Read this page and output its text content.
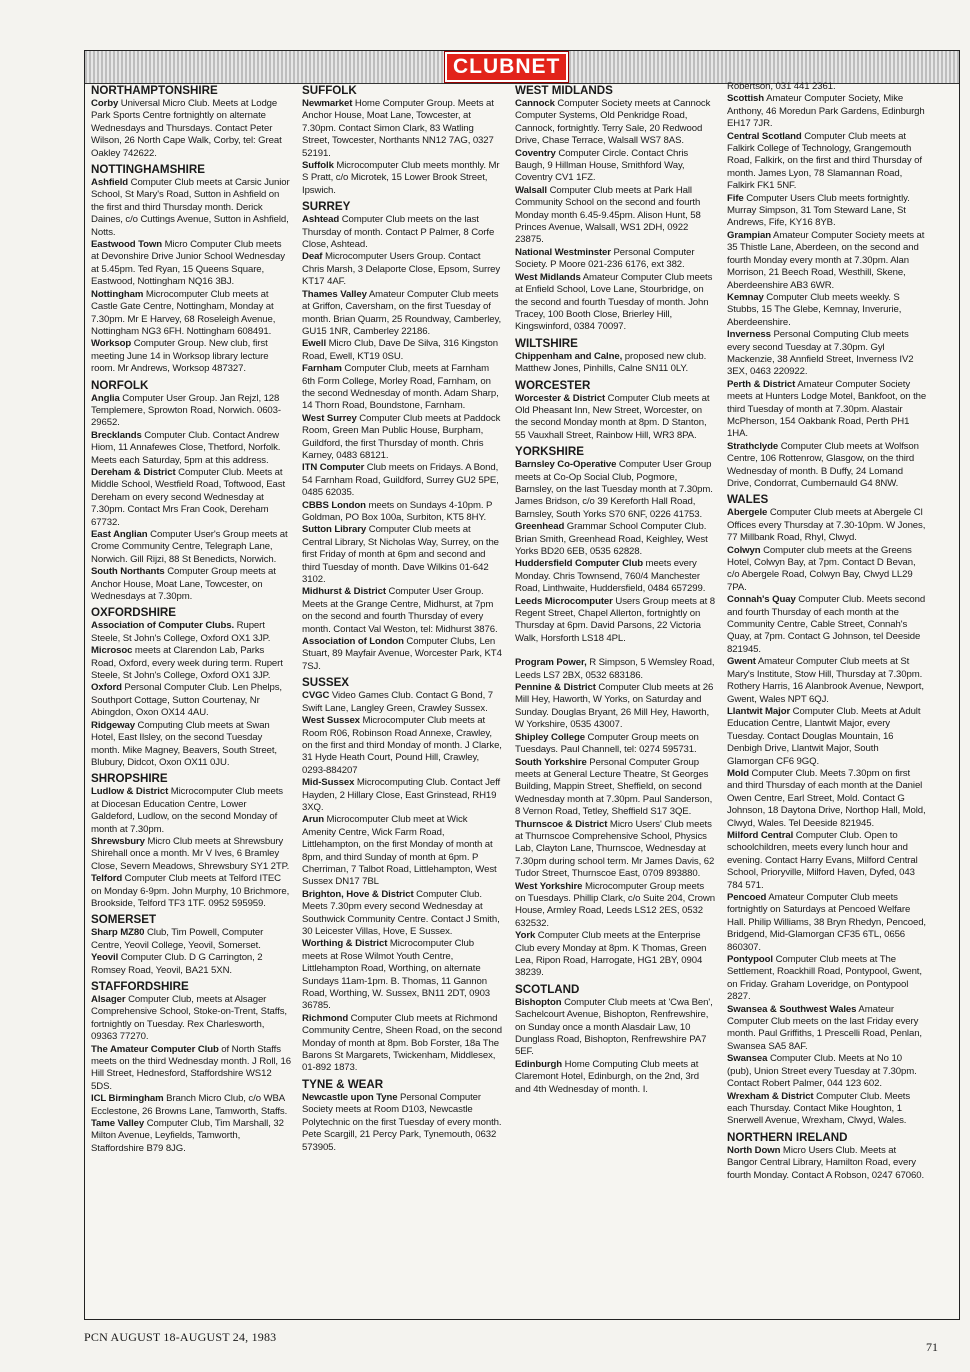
CLUBNET
NORTHAMPTONSHIRE

Corby Universal Micro Club. Meets at Lodge Park Sports Centre fortnightly on alternate Wednesdays and Thursdays. Contact Peter Wilson, 26 North Cape Walk, Corby, tel: Great Oakley 742622.

NOTTINGHAMSHIRE

Ashfield Computer Club meets at Carsic Junior School, St Mary's Road, Sutton in Ashfield on the first and third Thursday month. Derick Daines, c/o Cuttings Avenue, Sutton in Ashfield, Notts.

Eastwood Town Micro Computer Club meets at Devonshire Drive Junior School Wednesday at 5.45pm. Ted Ryan, 15 Queens Square, Eastwood, Nottingham NQ16 3BJ.

Nottingham Microcomputer Club meets at Castle Gate Centre, Nottingham, Monday at 7.30pm. Mr E Harvey, 68 Roseleigh Avenue, Nottingham NG3 6FH. Nottingham 608491.

Worksop Computer Group. New club, first meeting June 14 in Worksop library lecture room. Mr Andrews, Worksop 487327.

NORFOLK

Anglia Computer User Group. Jan Rejzl, 128 Templemere, Sprowton Road, Norwich. 0603-29652.

Brecklands Computer Club. Contact Andrew Hiom, 11 Annafewes Close, Thetford, Norfolk. Meets each Saturday, 5pm at this address.

Dereham & District Computer Club. Meets at Middle School, Westfield Road, Toftwood, East Dereham on every second Wednesday at 7.30pm. Contact Mrs Fran Cook, Dereham 67732.

East Anglian Computer User's Group meets at Crome Community Centre, Telegraph Lane, Norwich. Gill Rijzi, 88 St Benedicts, Norwich.

South Northants Computer Group meets at Anchor House, Moat Lane, Towcester, on Wednesdays at 7.30pm.

OXFORDSHIRE

Association of Computer Clubs. Rupert Steele, St John's College, Oxford OX1 3JP.

Microsoc meets at Clarendon Lab, Parks Road, Oxford, every week during term. Rupert Steele, St John's College, Oxford OX1 3JP.

Oxford Personal Computer Club. Len Phelps, Southport Cottage, Sutton Courtenay, Nr Abingdon, Oxon OX14 4AU.

Ridgeway Computing Club meets at Swan Hotel, East Ilsley, on the second Tuesday month. Mike Magney, Beavers, South Street, Blubury, Didcot, Oxon OX11 0JU.

SHROPSHIRE

Ludlow & District Microcomputer Club meets at Diocesan Education Centre, Lower Galdeford, Ludlow, on the second Monday of month at 7.30pm.

Shrewsbury Micro Club meets at Shrewsbury Shirehall once a month. Mr V Ives, 6 Bramley Close, Severn Meadows, Shrewsbury SY1 2TP.

Telford Computer Club meets at Telford ITEC on Monday 6-9pm. John Murphy, 10 Brichmore, Brookside, Telford TF3 1TF. 0952 595959.

SOMERSET

Sharp MZ80 Club, Tim Powell, Computer Centre, Yeovil College, Yeovil, Somerset.

Yeovil Computer Club. D G Carrington, 2 Romsey Road, Yeovil, BA21 5XN.

STAFFORDSHIRE

Alsager Computer Club, meets at Alsager Comprehensive School, Stoke-on-Trent, Staffs, fortnightly on Tuesday. Rex Charlesworth, 09363 77270.

The Amateur Computer Club of North Staffs meets on the third Wednesday month. J Roll, 16 Hill Street, Hednesford, Staffordshire WS12 5DS.

ICL Birmingham Branch Micro Club, c/o WBA Ecclestone, 26 Browns Lane, Tamworth, Staffs.

Tame Valley Computer Club, Tim Marshall, 32 Milton Avenue, Leyfields, Tamworth, Staffordshire B79 8JG.

SUFFOLK

Newmarket Home Computer Group. Meets at Anchor House, Moat Lane, Towcester, at 7.30pm. Contact Simon Clark, 83 Watling Street, Towcester, Northants NN12 7AG, 0327 52191.

Suffolk Microcomputer Club meets monthly. Mr S Pratt, c/o Microtek, 15 Lower Brook Street, Ipswich.

SURREY

Ashtead Computer Club meets on the last Thursday of month. Contact P Palmer, 8 Corfe Close, Ashtead.

Deaf Microcomputer Users Group. Contact Chris Marsh, 3 Delaporte Close, Epsom, Surrey KT17 4AF.

Thames Valley Amateur Computer Club meets at Griffon, Caversham, on the first Tuesday of month. Brian Quarm, 25 Roundway, Camberley, GU15 1NR, Camberley 22186.

Ewell Micro Club, Dave De Silva, 316 Kingston Road, Ewell, KT19 0SU.

Farnham Computer Club, meets at Farnham 6th Form College, Morley Road, Farnham, on the second Wednesday of month. Adam Sharp, 14 Thorn Road, Boundstone, Farnham.

West Surrey Computer Club meets at Paddock Room, Green Man Public House, Burpham, Guildford, the first Thursday of month. Chris Karney, 0483 68121.

ITN Computer Club meets on Fridays. A Bond, 54 Farnham Road, Guildford, Surrey GU2 5PE, 0485 62035.

CBBS London meets on Sundays 4-10pm. P Goldman, PO Box 100a, Surbiton, KT5 8HY.

Sutton Library Computer Club meets at Central Library, St Nicholas Way, Surrey, on the first Friday of month at 6pm and second and third Tuesday of month. Dave Wilkins 01-642 3102.

Midhurst & District Computer User Group. Meets at the Grange Centre, Midhurst, at 7pm on the second and fourth Thursday of every month. Contact Val Weston, tel: Midhurst 3876.

Association of London Computer Clubs, Len Stuart, 89 Mayfair Avenue, Worcester Park, KT4 7SJ.

SUSSEX

CVGC Video Games Club. Contact G Bond, 7 Swift Lane, Langley Green, Crawley Sussex.

West Sussex Microcomputer Club meets at Room R06, Robinson Road Annexe, Crawley, on the first and third Monday of month. J Clarke, 31 Hyde Heath Court, Pound Hill, Crawley, 0293-884207

Mid-Sussex Microcomputing Club. Contact Jeff Hayden, 2 Hillary Close, East Grinstead, RH19 3XQ.

Arun Microcomputer Club meet at Wick Amenity Centre, Wick Farm Road, Littlehampton, on the first Monday of month at 8pm, and third Sunday of month at 6pm. P Cherriman, 7 Talbot Road, Littlehampton, West Sussex DN17 7BL

Brighton, Hove & District Computer Club. Meets 7.30pm every second Wednesday at Southwick Community Centre. Contact J Smith, 30 Leicester Villas, Hove, E Sussex.

Worthing & District Microcomputer Club meets at Rose Wilmot Youth Centre, Littlehampton Road, Worthing, on alternate Sundays 11am-1pm. B. Thomas, 11 Gannon Road, Worthing, W. Sussex, BN11 2DT, 0903 36785.

Richmond Computer Club meets at Richmond Community Centre, Sheen Road, on the second Monday of month at 8pm. Bob Forster, 18a The Barons St Margarets, Twickenham, Middlesex, 01-892 1873.

TYNE & WEAR

Newcastle upon Tyne Personal Computer Society meets at Room D103, Newcastle Polytechnic on the first Tuesday of every month. Pete Scargill, 21 Percy Park, Tynemouth, 0632 573905.

WEST MIDLANDS

Cannock Computer Society meets at Cannock Computer Systems, Old Penkridge Road, Cannock, fortnightly. Terry Sale, 20 Redwood Drive, Chase Terrace, Walsall WS7 8AS.

Coventry Computer Circle. Contact Chris Baugh, 9 Hillman House, Smithford Way, Coventry CV1 1FZ.

Walsall Computer Club meets at Park Hall Community School on the second and fourth Monday month 6.45-9.45pm. Alison Hunt, 58 Princes Avenue, Walsall, WS1 2DH, 0922 23875.

National Westminster Personal Computer Society. P Moore 021-236 6176, ext 382.

West Midlands Amateur Computer Club meets at Enfield School, Love Lane, Stourbridge, on the second and fourth Tuesday of month. John Tracey, 100 Booth Close, Brierley Hill, Kingswinford, 0384 70097.

WILTSHIRE

Chippenham and Calne, proposed new club. Matthew Jones, Pinhills, Calne SN11 0LY.

WORCESTER

Worcester & District Computer Club meets at Old Pheasant Inn, New Street, Worcester, on the second Monday month at 8pm. D Stanton, 55 Vauxhall Street, Rainbow Hill, WR3 8PA.

YORKSHIRE

Barnsley Co-Operative Computer User Group meets at Co-Op Social Club, Pogmore, Barnsley, on the last Tuesday month at 7.30pm. James Bridson, c/o 39 Kereforth Hall Road, Barnsley, South Yorks S70 6NF, 0226 41753.

Greenhead Grammar School Computer Club. Brian Smith, Greenhead Road, Keighley, West Yorks BD20 6EB, 0535 62828.

Huddersfield Computer Club meets every Monday. Chris Townsend, 760/4 Manchester Road, Linthwaite, Huddersfield, 0484 657299.

Leeds Microcomputer Users Group meets at 8 Regent Street, Chapel Allerton, fortnightly on Thursday at 6pm. David Parsons, 22 Victoria Walk, Horsforth LS18 4PL.

Program Power, R Simpson, 5 Wemsley Road, Leeds LS7 2BX, 0532 683186.

Pennine & District Computer Club meets at 26 Mill Hey, Haworth, W Yorks, on Saturday and Sunday. Douglas Bryant, 26 Mill Hey, Haworth, W Yorkshire, 0535 43007.

Shipley College Computer Group meets on Tuesdays. Paul Channell, tel: 0274 595731.

South Yorkshire Personal Computer Group meets at General Lecture Theatre, St Georges Building, Mappin Street, Sheffield, on second Wednesday month at 7.30pm. Paul Sanderson, 8 Vernon Road, Tetley, Sheffield S17 3QE.

Thurnscoe & District Micro Users' Club meets at Thurnscoe Comprehensive School, Physics Lab, Clayton Lane, Thurnscoe, Wednesday at 7.30pm during school term. Mr James Davis, 62 Tudor Street, Thurnscoe East, 0709 893880.

West Yorkshire Microcomputer Group meets on Tuesdays. Phillip Clark, c/o Suite 204, Crown House, Armley Road, Leeds LS12 2ES, 0532 632532.

York Computer Club meets at the Enterprise Club every Monday at 8pm. K Thomas, Green Lea, Ripon Road, Harrogate, HG1 2BY, 0904 38239.

SCOTLAND

Bishopton Computer Club meets at 'Cwa Ben', Sachelcourt Avenue, Bishopton, Renfrewshire, on Sunday once a month Alasdair Law, 10 Dunglass Road, Bishopton, Renfrewshire PA7 5EF.

Edinburgh Home Computing Club meets at Claremont Hotel, Edinburgh, on the 2nd, 3rd and 4th Wednesday of month. I.

Robertson, 031 441 2361.

Scottish Amateur Computer Society, Mike Anthony, 46 Moredun Park Gardens, Edinburgh EH17 7JR.

Central Scotland Computer Club meets at Falkirk College of Technology, Grangemouth Road, Falkirk, on the first and third Thursday of month. James Lyon, 78 Slamannan Road, Falkirk FK1 5NF.

Fife Computer Users Club meets fortnightly. Murray Simpson, 31 Tom Steward Lane, St Andrews, Fife, KY16 8YB.

Grampian Amateur Computer Society meets at 35 Thistle Lane, Aberdeen, on the second and fourth Monday every month at 7.30pm. Alan Morrison, 21 Beech Road, Westhill, Skene, Aberdeenshire AB3 6WR.

Kemnay Computer Club meets weekly. S Stubbs, 15 The Glebe, Kemnay, Inverurie, Aberdeenshire.

Inverness Personal Computing Club meets every second Tuesday at 7.30pm. Gyl Mackenzie, 38 Annfield Street, Inverness IV2 3EX, 0463 220922.

Perth & District Amateur Computer Society meets at Hunters Lodge Motel, Bankfoot, on the third Tuesday of month at 7.30pm. Alastair McPherson, 154 Oakbank Road, Perth PH1 1HA.

Strathclyde Computer Club meets at Wolfson Centre, 106 Rottenrow, Glasgow, on the third Wednesday of month. B Duffy, 24 Lomand Drive, Condorrat, Cumbernauld G4 8NW.

WALES

Abergele Computer Club meets at Abergele Cl Offices every Thursday at 7.30-10pm. W Jones, 77 Millbank Road, Rhyl, Clwyd.

Colwyn Computer club meets at the Greens Hotel, Colwyn Bay, at 7pm. Contact D Bevan, c/o Abergele Road, Colwyn Bay, Clwyd LL29 7PA.

Connah's Quay Computer Club. Meets second and fourth Thursday of each month at the Community Centre, Cable Street, Connah's Quay, at 7pm. Contact G Johnson, tel Deeside 821945.

Gwent Amateur Computer Club meets at St Mary's Institute, Stow Hill, Thursday at 7.30pm. Rothery Harris, 16 Alanbrook Avenue, Newport, Gwent, Wales NPT 6QJ.

Llantwit Major Computer Club. Meets at Adult Education Centre, Llantwit Major, every Tuesday. Contact Douglas Mountain, 16 Denbigh Drive, Llantwit Major, South Glamorgan CF6 9GQ.

Mold Computer Club. Meets 7.30pm on first and third Thursday of each month at the Daniel Owen Centre, Earl Street, Mold. Contact G Johnson, 18 Daytona Drive, Northop Hall, Mold, Clwyd, Wales. Tel Deeside 821945.

Milford Central Computer Club. Open to schoolchildren, meets every lunch hour and evening. Contact Harry Evans, Milford Central School, Prioryville, Milford Haven, Dyfed, 043 784 571.

Pencoed Amateur Computer Club meets fortnightly on Saturdays at Pencoed Welfare Hall. Philip Williams, 38 Bryn Rhedyn, Pencoed, Bridgend, Mid-Glamorgan CF35 6TL, 0656 860307.

Pontypool Computer Club meets at The Settlement, Roackhill Road, Pontypool, Gwent, on Friday. Graham Loveridge, on Pontypool 2827.

Swansea & Southwest Wales Amateur Computer Club meets on the last Friday every month. Paul Griffiths, 1 Prescelli Road, Penlan, Swansea SA5 8AF.

Swansea Computer Club. Meets at No 10 (pub), Union Street every Tuesday at 7.30pm. Contact Robert Palmer, 044 123 602.

Wrexham & District Computer Club. Meets each Thursday. Contact Mike Houghton, 1 Snerwell Avenue, Wrexham, Clwyd, Wales.

NORTHERN IRELAND

North Down Micro Users Club. Meets at Bangor Central Library, Hamilton Road, every fourth Monday. Contact A Robson, 0247 67060.

PCN AUGUST 18-AUGUST 24, 1983
71
